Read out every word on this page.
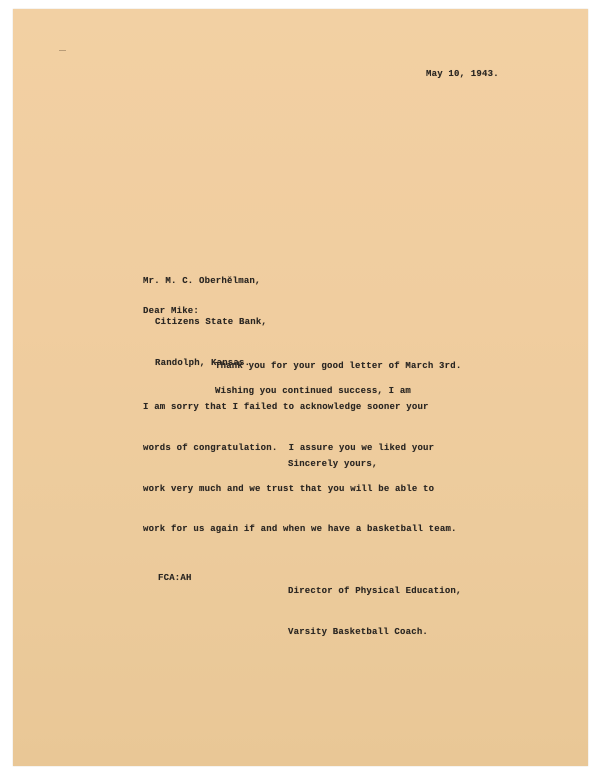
May 10, 1943.

Mr. M. C. Oberhělman,

Citizens State Bank,

Randolph, Kansas.

Dear Mike:

Thank you for your good letter of March 3rd.

I am sorry that I failed to acknowledge sooner your

words of congratulation.  I assure you we liked your

work very much and we trust that you will be able to

work for us again if and when we have a basketball team.

Wishing you continued success, I am
Sincerely yours,

Director of Physical Education,

Varsity Basketball Coach.

FCA:AH
